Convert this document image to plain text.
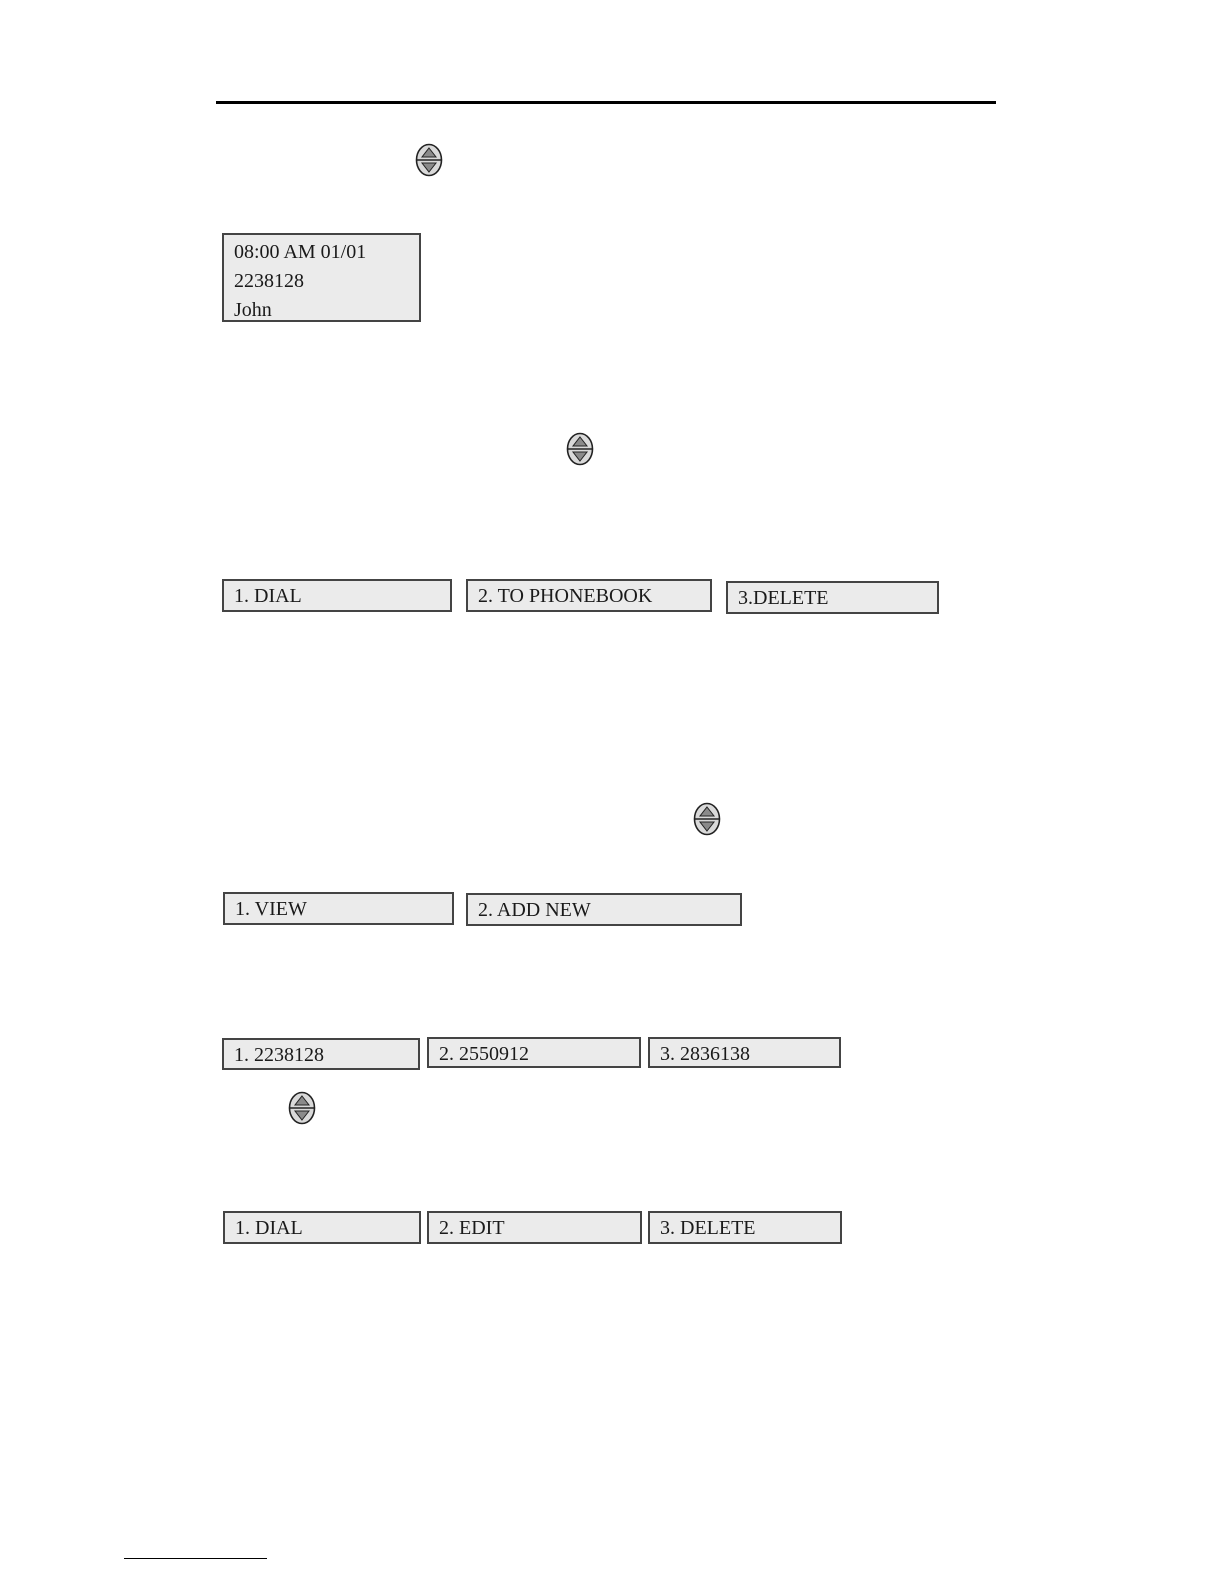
08:00 AM 01/01
2238128
John
1. DIAL	2. TO PHONEBOOK	3.DELETE
1. VIEW	2. ADD NEW
1. 2238128	2. 2550912	3. 2836138
1. DIAL	2. EDIT	3. DELETE
